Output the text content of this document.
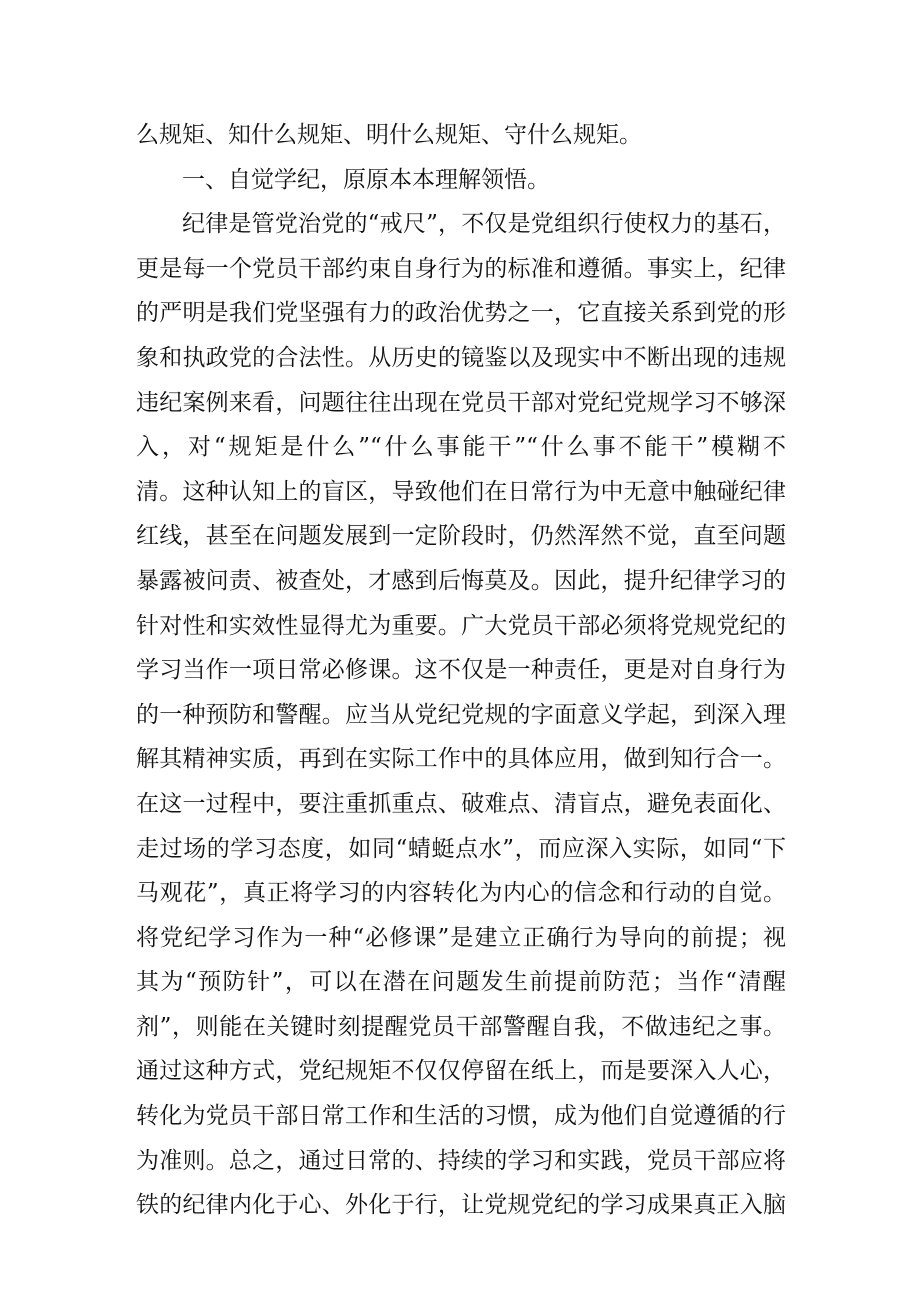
么规矩、知什么规矩、明什么规矩、守什么规矩。
一、自觉学纪，原原本本理解领悟。
纪律是管党治党的“戒尺”，不仅是党组织行使权力的基石，
更是每一个党员干部约束自身行为的标准和遵循。事实上，纪律
的严明是我们党坚强有力的政治优势之一，它直接关系到党的形
象和执政党的合法性。从历史的镜鉴以及现实中不断出现的违规
违纪案例来看，问题往往出现在党员干部对党纪党规学习不够深
入，对“规矩是什么”“什么事能干”“什么事不能干”模糊不
清。这种认知上的盲区，导致他们在日常行为中无意中触碰纪律
红线，甚至在问题发展到一定阶段时，仍然浑然不觉，直至问题
暴露被问责、被查处，才感到后悔莫及。因此，提升纪律学习的
针对性和实效性显得尤为重要。广大党员干部必须将党规党纪的
学习当作一项日常必修课。这不仅是一种责任，更是对自身行为
的一种预防和警醒。应当从党纪党规的字面意义学起，到深入理
解其精神实质，再到在实际工作中的具体应用，做到知行合一。
在这一过程中，要注重抓重点、破难点、清盲点，避免表面化、
走过场的学习态度，如同“蜻蜓点水”，而应深入实际，如同“下
马观花”，真正将学习的内容转化为内心的信念和行动的自觉。
将党纪学习作为一种“必修课”是建立正确行为导向的前提；视
其为“预防针”，可以在潜在问题发生前提前防范；当作“清醒
剂”，则能在关键时刻提醒党员干部警醒自我，不做违纪之事。
通过这种方式，党纪规矩不仅仅停留在纸上，而是要深入人心，
转化为党员干部日常工作和生活的习惯，成为他们自觉遵循的行
为准则。总之，通过日常的、持续的学习和实践，党员干部应将
铁的纪律内化于心、外化于行，让党规党纪的学习成果真正入脑
